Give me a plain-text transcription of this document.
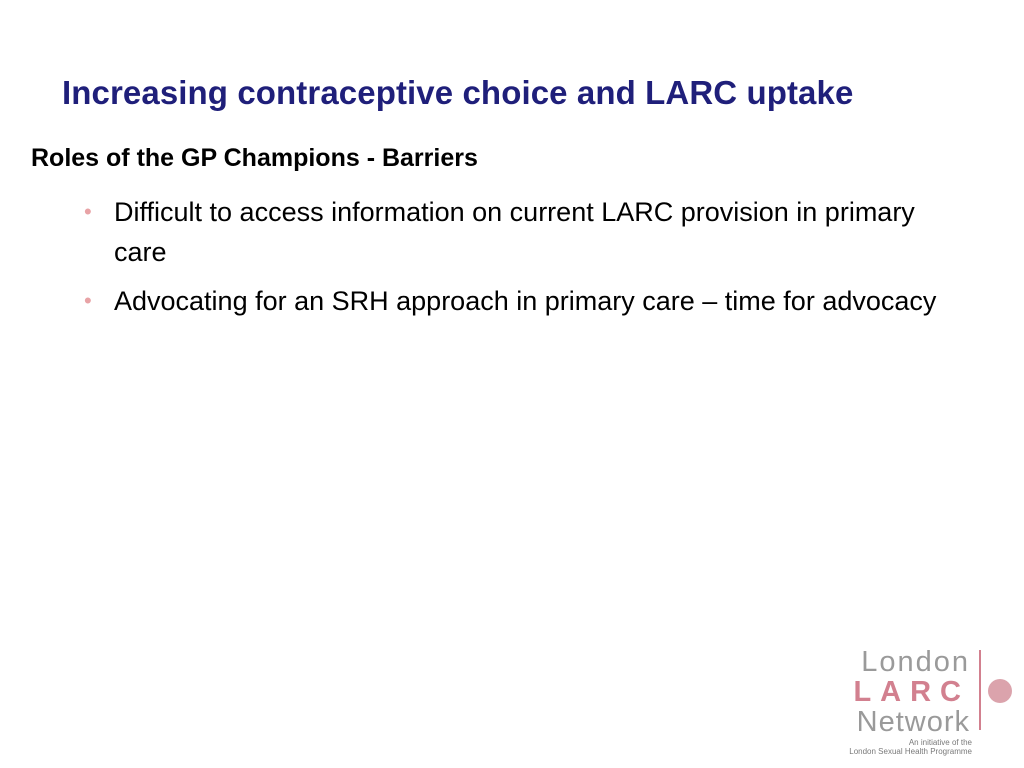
Increasing contraceptive choice and LARC uptake
Roles of the GP Champions - Barriers
• Difficult to access information on current LARC provision in primary care
• Advocating for an SRH approach in primary care – time for advocacy
London
LARC
Network
An initiative of the
London Sexual Health Programme
